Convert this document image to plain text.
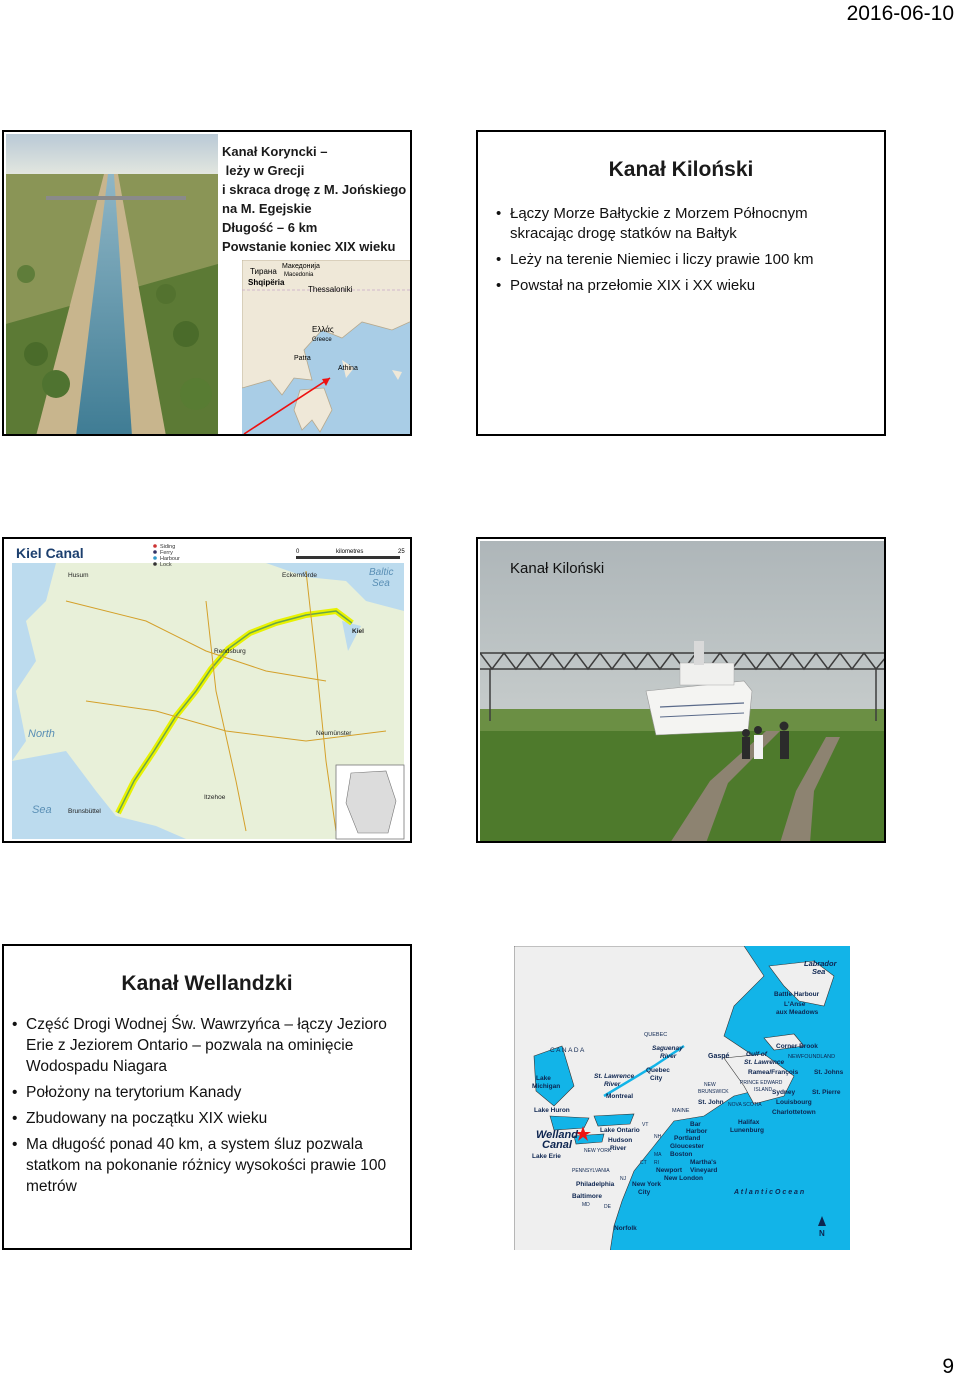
2016-06-10
Kanał Koryncki –
leży w Grecji
i skraca drogę z M. Jońskiego
na M. Egejskie
Długość – 6 km
Powstanie koniec XIX wieku
Тирана
Shqipëria
Македонија
Macedonia
Thessaloniki
Ελλάς
Greece
Patra
Athina
Kanał Kiloński
• Łączy Morze Bałtyckie z Morzem Północnym skracając drogę statków na Bałtyk
• Leży na terenie Niemiec i liczy prawie 100 km
• Powstał na przełomie XIX i XX wieku
Kiel Canal	Siding
Ferry
Harbour
Lock
0	kilometres	25
Baltic
Sea
North
Sea
Kiel
Rendsburg
Husum	Eckernförde
Neumünster
Brunsbüttel
Itzehoe
Kanał Kiloński
Kanał Wellandzki
• Część Drogi Wodnej Św. Wawrzyńca – łączy Jezioro Erie z Jeziorem Ontario – pozwala na ominięcie Wodospadu Niagara
• Położony na terytorium Kanady
• Zbudowany na początku XIX wieku
• Ma długość ponad 40 km, a system śluz pozwala statkom na pokonanie różnicy wysokości prawie 100 metrów
Labrador
Sea
Battle Harbour
L'Anse
aux Meadows
C A N A D A
QUEBEC
Saguenay
River	Gaspé	Gulf of
St. Lawrence
Corner Brook
NEWFOUNDLAND
St. Johns
Ramea/François
Sydney	St. Pierre
Louisbourg
Charlottetown
Halifax
Lunenburg
Lake
Michigan
St. Lawrence
River
Quebec
City
Montreal
NEW
BRUNSWICK
PRINCE EDWARD
ISLAND
NOVA SCOTIA
St. John
MAINE
Bar
Harbor
Lake Huron
Lake Ontario
Welland
Canal
Lake Erie
Hudson
River
NEW YORK
VT
NH Portland
Gloucester
Boston
MA
CT RI
Newport
Martha's
Vineyard
New London
PENNSYLVANIA
Philadelphia
NJ
New York
City
Baltimore
MD	DE
Norfolk
A t l a n t i c O c e a n
N
9
